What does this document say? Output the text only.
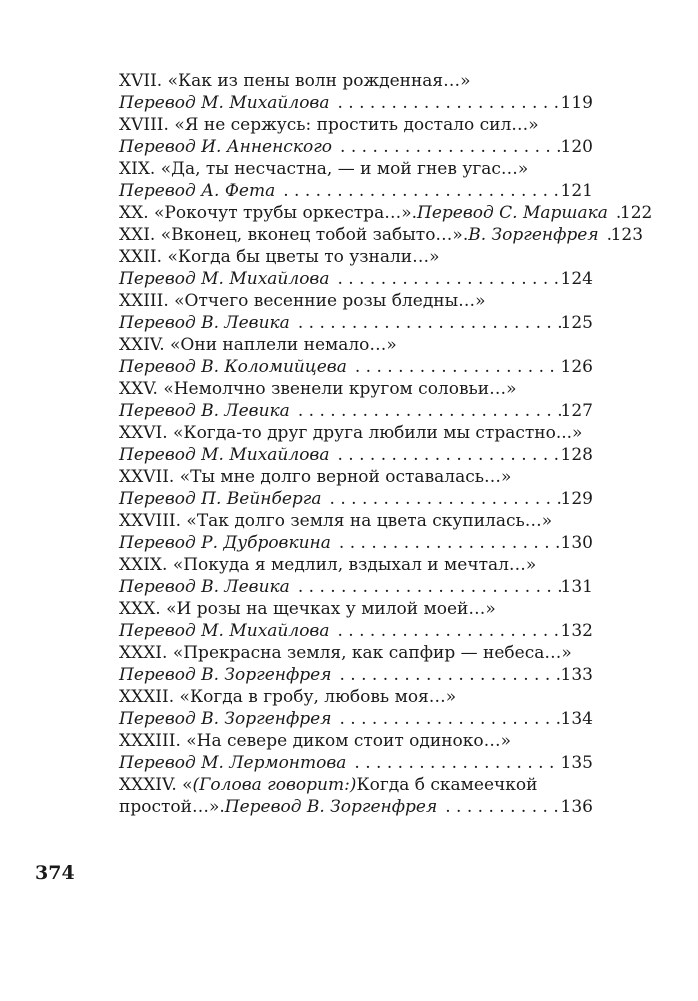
XVII. «Как из пены волн рожденная…»
Перевод М. Михайлова . . .	119
XVIII. «Я не сержусь: простить достало сил…»
Перевод И. Анненского . . .	120
XIX. «Да, ты несчастна, — и мой гнев угас…»
Перевод А. Фета . . .	121
XX. «Рокочут трубы оркестра…». Перевод С. Маршака . . . 122
XXI. «Вконец, вконец тобой забыто…». В. Зоргенфрея . . . 123
XXII. «Когда бы цветы то узнали…»
Перевод М. Михайлова . . .	124
XXIII. «Отчего весенние розы бледны…»
Перевод В. Левика . . .	125
XXIV. «Они наплели немало…»
Перевод В. Коломийцева . . .	126
XXV. «Немолчно звенели кругом соловьи…»
Перевод В. Левика . . .	127
XXVI. «Когда-то друг друга любили мы страстно...»
Перевод М. Михайлова . . .	128
XXVII. «Ты мне долго верной оставалась…»
Перевод П. Вейнберга . . .	129
XXVIII. «Так долго земля на цвета скупилась…»
Перевод Р. Дубровкина . . .	130
XXIX. «Покуда я медлил, вздыхал и мечтал…»
Перевод В. Левика . . .	131
XXX. «И розы на щечках у милой моей…»
Перевод М. Михайлова . . .	132
XXXI. «Прекрасна земля, как сапфир — небеса…»
Перевод В. Зоргенфрея . . .	133
XXXII. «Когда в гробу, любовь моя…»
Перевод В. Зоргенфрея . . .	134
XXXIII. «На севере диком стоит одиноко…»
Перевод М. Лермонтова . . .	135
XXXIV. « (Голова говорит:) Когда б скамеечкой
простой…». Перевод В. Зоргенфрея . . .	136
374
